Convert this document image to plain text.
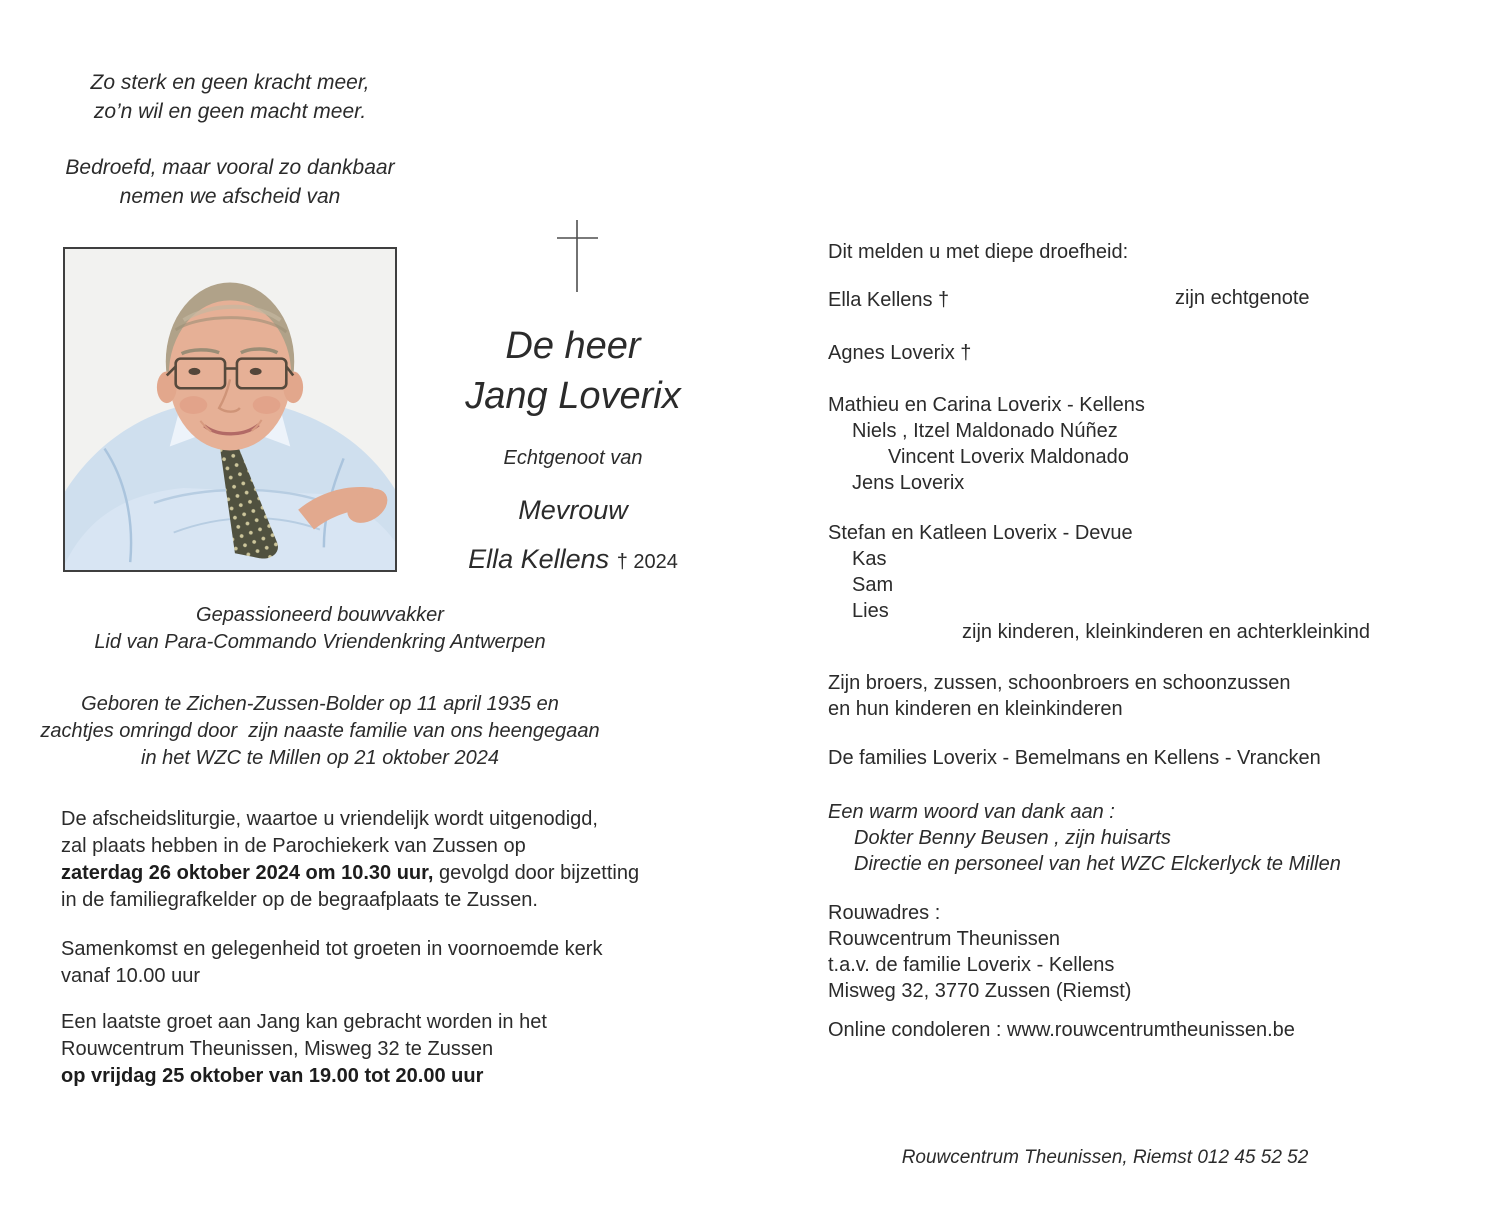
Zo sterk en geen kracht meer,
zo’n wil en geen macht meer.
Bedroefd, maar vooral zo dankbaar
nemen we afscheid van
De heer
Jang Loverix
Echtgenoot van
Mevrouw
Ella Kellens † 2024
Gepassioneerd bouwvakker
Lid van Para-Commando Vriendenkring Antwerpen
Geboren te Zichen-Zussen-Bolder op 11 april 1935 en
zachtjes omringd door  zijn naaste familie van ons heengegaan
in het WZC te Millen op 21 oktober 2024
De afscheidsliturgie, waartoe u vriendelijk wordt uitgenodigd,
zal plaats hebben in de Parochiekerk van Zussen op
zaterdag 26 oktober 2024 om 10.30 uur, gevolgd door bijzetting
in de familiegrafkelder op de begraafplaats te Zussen.
Samenkomst en gelegenheid tot groeten in voornoemde kerk
vanaf 10.00 uur
Een laatste groet aan Jang kan gebracht worden in het
Rouwcentrum Theunissen, Misweg 32 te Zussen
op vrijdag 25 oktober van 19.00 tot 20.00 uur
Dit melden u met diepe droefheid:
Ella Kellens †	zijn echtgenote
Agnes Loverix †
Mathieu en Carina Loverix - Kellens
Niels , Itzel Maldonado Núñez
Vincent Loverix Maldonado
Jens Loverix
Stefan en Katleen Loverix - Devue
Kas
Sam
Lies
zijn kinderen, kleinkinderen en achterkleinkind
Zijn broers, zussen, schoonbroers en schoonzussen
en hun kinderen en kleinkinderen
De families Loverix - Bemelmans en Kellens - Vrancken
Een warm woord van dank aan :
Dokter Benny Beusen , zijn huisarts
Directie en personeel van het WZC Elckerlyck te Millen
Rouwadres :
Rouwcentrum Theunissen
t.a.v. de familie Loverix - Kellens
Misweg 32, 3770 Zussen (Riemst)
Online condoleren : www.rouwcentrumtheunissen.be
Rouwcentrum Theunissen, Riemst 012 45 52 52
